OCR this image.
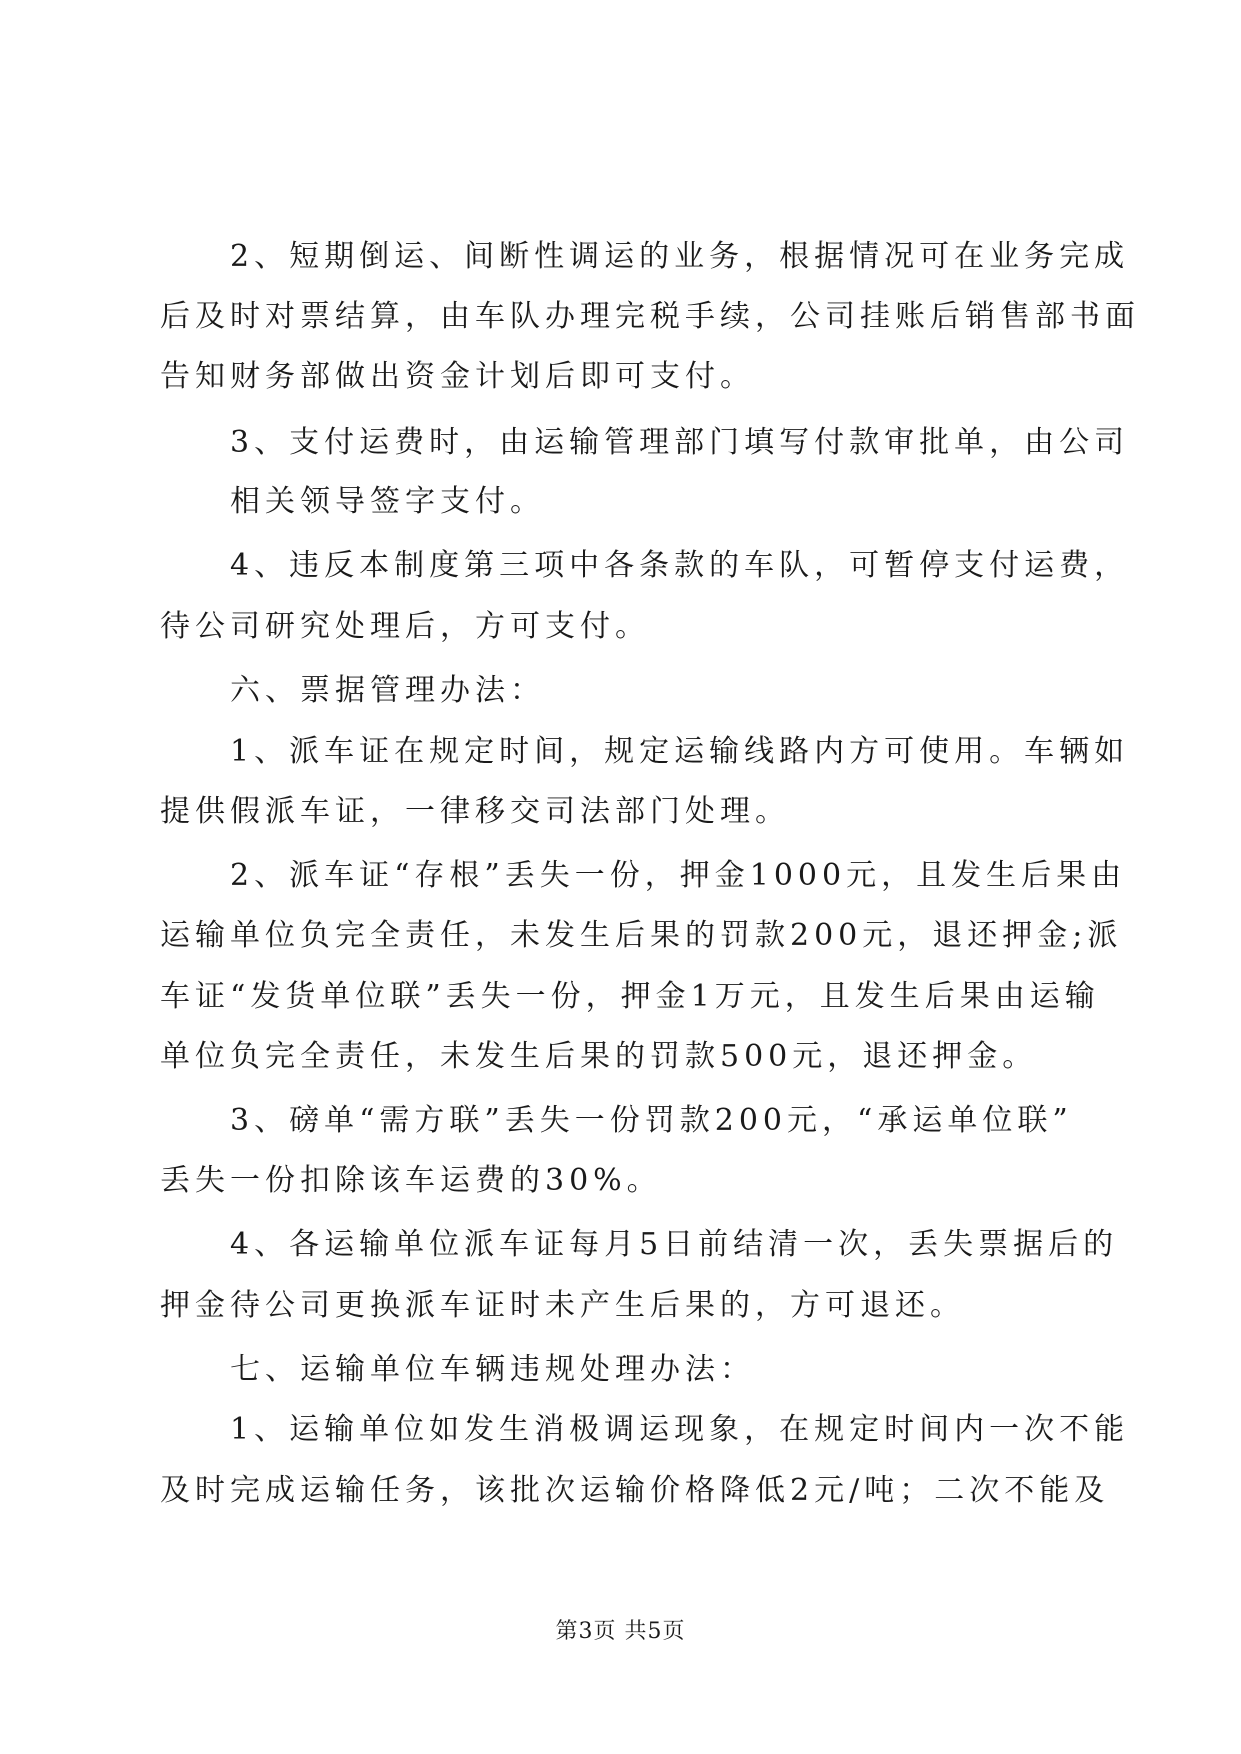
　　2、短期倒运、间断性调运的业务，根据情况可在业务完成
后及时对票结算，由车队办理完税手续，公司挂账后销售部书面
告知财务部做出资金计划后即可支付。
　　3、支付运费时，由运输管理部门填写付款审批单，由公司
　　相关领导签字支付。
　　4、违反本制度第三项中各条款的车队，可暂停支付运费，
待公司研究处理后，方可支付。
　　六、票据管理办法：
　　1、派车证在规定时间，规定运输线路内方可使用。车辆如
提供假派车证，一律移交司法部门处理。
　　2、派车证“存根”丢失一份，押金1000元，且发生后果由
运输单位负完全责任，未发生后果的罚款200元，退还押金;派
车证“发货单位联”丢失一份，押金1万元，且发生后果由运输
单位负完全责任，未发生后果的罚款500元，退还押金。
　　3、磅单“需方联”丢失一份罚款200元，“承运单位联”
丢失一份扣除该车运费的30%。
　　4、各运输单位派车证每月5日前结清一次，丢失票据后的
押金待公司更换派车证时未产生后果的，方可退还。
　　七、运输单位车辆违规处理办法：
　　1、运输单位如发生消极调运现象，在规定时间内一次不能
及时完成运输任务，该批次运输价格降低2元/吨；二次不能及
第3页 共5页
